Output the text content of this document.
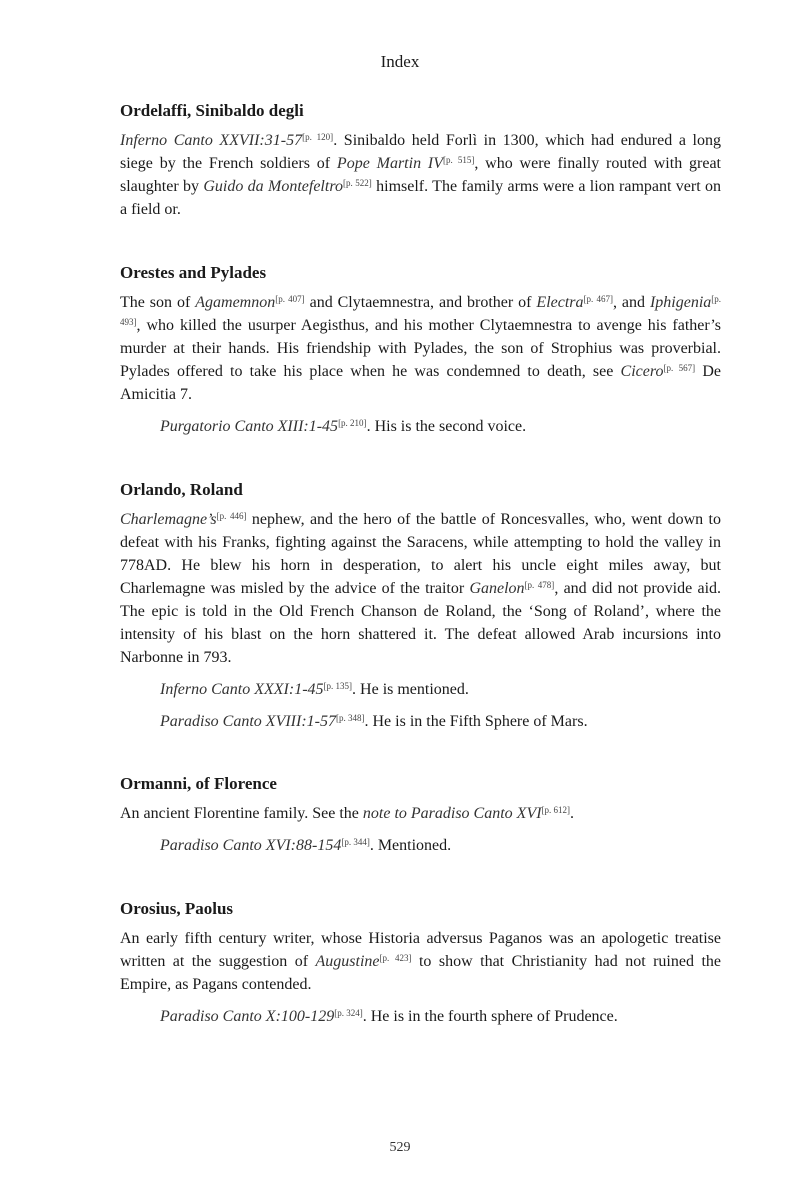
Index
Ordelaffi, Sinibaldo degli

Inferno Canto XXVII:31-57[p. 120]. Sinibaldo held Forlì in 1300, which had endured a long siege by the French soldiers of Pope Martin IV[p. 515], who were finally routed with great slaughter by Guido da Montefeltro[p. 522] himself. The family arms were a lion rampant vert on a field or.

Orestes and Pylades

The son of Agamemnon[p. 407] and Clytaemnestra, and brother of Electra[p. 467], and Iphigenia[p. 493], who killed the usurper Aegisthus, and his mother Clytaemnestra to avenge his father’s murder at their hands. His friendship with Pylades, the son of Strophius was proverbial. Pylades offered to take his place when he was condemned to death, see Cicero[p. 567] De Amicitia 7.

Purgatorio Canto XIII:1-45[p. 210]. His is the second voice.

Orlando, Roland

Charlemagne’s[p. 446] nephew, and the hero of the battle of Roncesvalles, who, went down to defeat with his Franks, fighting against the Saracens, while attempting to hold the valley in 778AD. He blew his horn in desperation, to alert his uncle eight miles away, but Charlemagne was misled by the advice of the traitor Ganelon[p. 478], and did not provide aid. The epic is told in the Old French Chanson de Roland, the ‘Song of Roland’, where the intensity of his blast on the horn shattered it. The defeat allowed Arab incursions into Narbonne in 793.

Inferno Canto XXXI:1-45[p. 135]. He is mentioned.

Paradiso Canto XVIII:1-57[p. 348]. He is in the Fifth Sphere of Mars.

Ormanni, of Florence

An ancient Florentine family. See the note to Paradiso Canto XVI[p. 612].

Paradiso Canto XVI:88-154[p. 344]. Mentioned.

Orosius, Paolus

An early fifth century writer, whose Historia adversus Paganos was an apologetic treatise written at the suggestion of Augustine[p. 423] to show that Christianity had not ruined the Empire, as Pagans contended.

Paradiso Canto X:100-129[p. 324]. He is in the fourth sphere of Prudence.

529
